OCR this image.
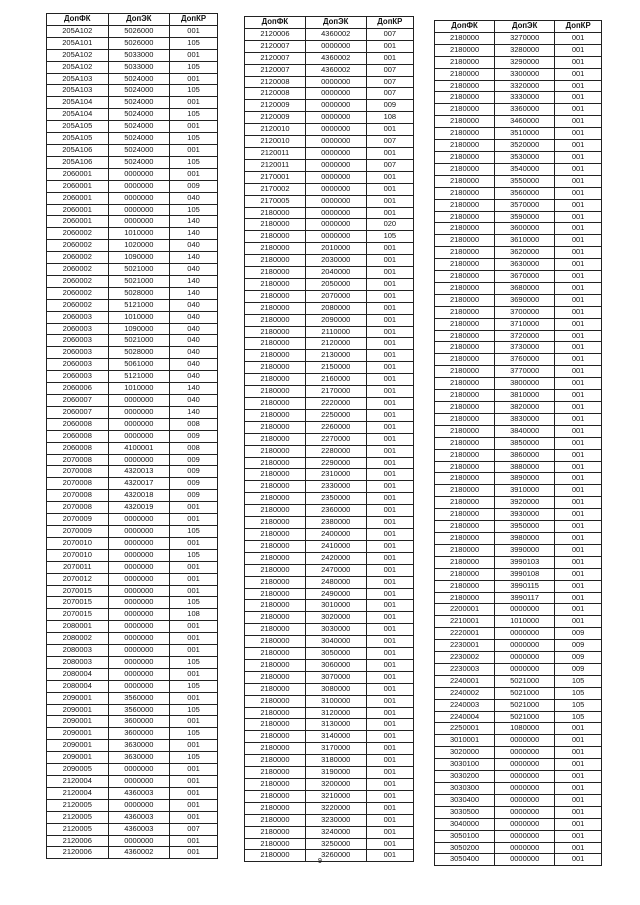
ДопФК	ДопЭК	ДопКР
205A102	5026000	001
205A101	5026000	105
205A102	5033000	001
205A102	5033000	105
205A103	5024000	001
205A103	5024000	105
205A104	5024000	001
205A104	5024000	105
205A105	5024000	001
205A105	5024000	105
205A106	5024000	001
205A106	5024000	105
2060001	0000000	001
2060001	0000000	009
2060001	0000000	040
2060001	0000000	105
2060001	0000000	140
2060002	1010000	140
2060002	1020000	040
2060002	1090000	140
2060002	5021000	040
2060002	5021000	140
2060002	5028000	140
2060002	5121000	040
2060003	1010000	040
2060003	1090000	040
2060003	5021000	040
2060003	5028000	040
2060003	5061000	040
2060003	5121000	040
2060006	1010000	140
2060007	0000000	040
2060007	0000000	140
2060008	0000000	008
2060008	0000000	009
2060008	4100001	008
2070008	0000000	009
2070008	4320013	009
2070008	4320017	009
2070008	4320018	009
2070008	4320019	001
2070009	0000000	001
2070009	0000000	105
2070010	0000000	001
2070010	0000000	105
2070011	0000000	001
2070012	0000000	001
2070015	0000000	001
2070015	0000000	105
2070015	0000000	108
2080001	0000000	001
2080002	0000000	001
2080003	0000000	001
2080003	0000000	105
2080004	0000000	001
2080004	0000000	105
2090001	3560000	001
2090001	3560000	105
2090001	3600000	001
2090001	3600000	105
2090001	3630000	001
2090001	3630000	105
2090005	0000000	001
2120004	0000000	001
2120004	4360003	001
2120005	0000000	001
2120005	4360003	001
2120005	4360003	007
2120006	0000000	001
2120006	4360002	001
ДопФК	ДопЭК	ДопКР
2120006	4360002	007
2120007	0000000	001
2120007	4360002	001
2120007	4360002	007
2120008	0000000	007
2120008	0000000	007
2120009	0000000	009
2120009	0000000	108
2120010	0000000	001
2120010	0000000	007
2120011	0000000	001
2120011	0000000	007
2170001	0000000	001
2170002	0000000	001
2170005	0000000	001
2180000	0000000	001
2180000	0000000	020
2180000	0000000	105
2180000	2010000	001
2180000	2030000	001
2180000	2040000	001
2180000	2050000	001
2180000	2070000	001
2180000	2080000	001
2180000	2090000	001
2180000	2110000	001
2180000	2120000	001
2180000	2130000	001
2180000	2150000	001
2180000	2160000	001
2180000	2170000	001
2180000	2220000	001
2180000	2250000	001
2180000	2260000	001
2180000	2270000	001
2180000	2280000	001
2180000	2290000	001
2180000	2310000	001
2180000	2330000	001
2180000	2350000	001
2180000	2360000	001
2180000	2380000	001
2180000	2400000	001
2180000	2410000	001
2180000	2420000	001
2180000	2470000	001
2180000	2480000	001
2180000	2490000	001
2180000	3010000	001
2180000	3020000	001
2180000	3030000	001
2180000	3040000	001
2180000	3050000	001
2180000	3060000	001
2180000	3070000	001
2180000	3080000	001
2180000	3100000	001
2180000	3120000	001
2180000	3130000	001
2180000	3140000	001
2180000	3170000	001
2180000	3180000	001
2180000	3190000	001
2180000	3200000	001
2180000	3210000	001
2180000	3220000	001
2180000	3230000	001
2180000	3240000	001
2180000	3250000	001
2180000	3260000	001
ДопФК	ДопЭК	ДопКР
2180000	3270000	001
2180000	3280000	001
2180000	3290000	001
2180000	3300000	001
2180000	3320000	001
2180000	3330000	001
2180000	3360000	001
2180000	3460000	001
2180000	3510000	001
2180000	3520000	001
2180000	3530000	001
2180000	3540000	001
2180000	3550000	001
2180000	3560000	001
2180000	3570000	001
2180000	3590000	001
2180000	3600000	001
2180000	3610000	001
2180000	3620000	001
2180000	3630000	001
2180000	3670000	001
2180000	3680000	001
2180000	3690000	001
2180000	3700000	001
2180000	3710000	001
2180000	3720000	001
2180000	3730000	001
2180000	3760000	001
2180000	3770000	001
2180000	3800000	001
2180000	3810000	001
2180000	3820000	001
2180000	3830000	001
2180000	3840000	001
2180000	3850000	001
2180000	3860000	001
2180000	3880000	001
2180000	3890000	001
2180000	3910000	001
2180000	3920000	001
2180000	3930000	001
2180000	3950000	001
2180000	3980000	001
2180000	3990000	001
2180000	3990103	001
2180000	3990108	001
2180000	3990115	001
2180000	3990117	001
2200001	0000000	001
2210001	1010000	001
2220001	0000000	009
2230001	0000000	009
2230002	0000000	009
2230003	0000000	009
2240001	5021000	105
2240002	5021000	105
2240003	5021000	105
2240004	5021000	105
2250001	1080000	001
3010001	0000000	001
3020000	0000000	001
3030100	0000000	001
3030200	0000000	001
3030300	0000000	001
3030400	0000000	001
3030500	0000000	001
3040000	0000000	001
3050100	0000000	001
3050200	0000000	001
3050400	0000000	001
9
